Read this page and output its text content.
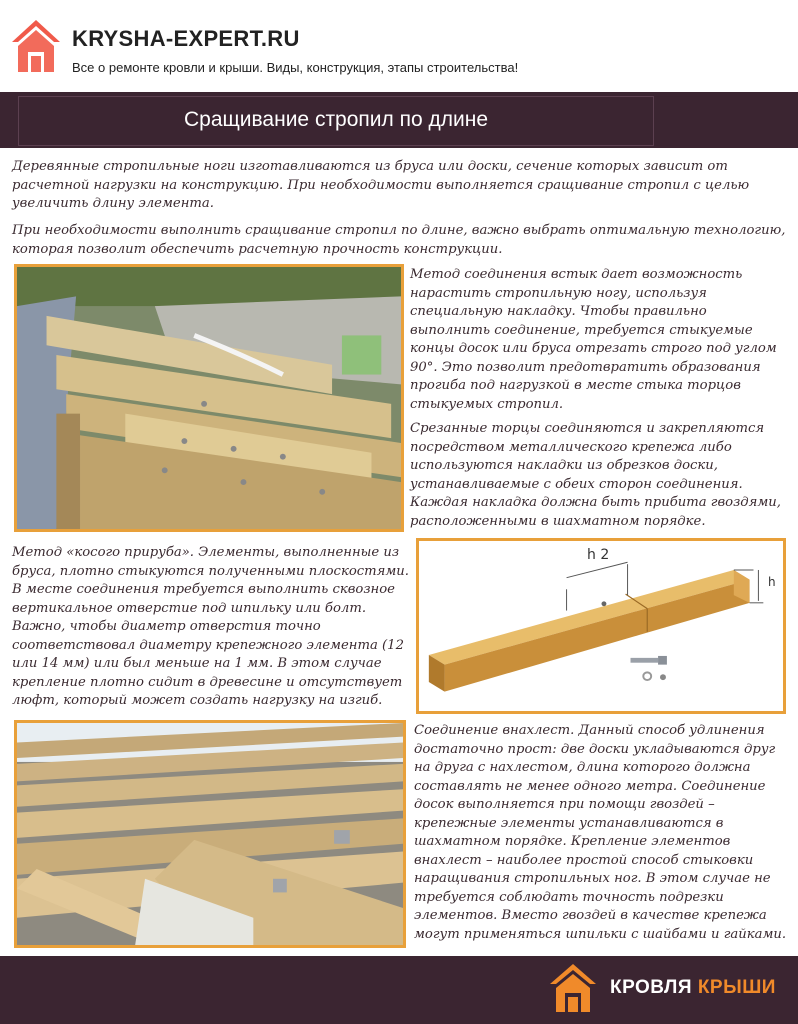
KRYSHA-EXPERT.RU
Все о ремонте кровли и крыши. Виды, конструкция, этапы строительства!
Сращивание стропил по длине
Деревянные стропильные ноги изготавливаются из бруса или доски, сечение которых зависит от расчетной нагрузки на конструкцию. При необходимости выполняется сращивание стропил с целью увеличить длину элемента.
При необходимости выполнить сращивание стропил по длине, важно выбрать оптимальную технологию, которая позволит обеспечить расчетную прочность конструкции.
Метод соединения встык дает возможность нарастить стропильную ногу, используя специальную накладку. Чтобы правильно выполнить соединение, требуется стыкуемые концы досок или бруса отрезать строго под углом 90°. Это позволит предотвратить образования прогиба под нагрузкой в месте стыка торцов стыкуемых стропил.
Срезанные торцы соединяются и закрепляются посредством металлического крепежа либо используются накладки из обрезков доски, устанавливаемые с обеих сторон соединения. Каждая накладка должна быть прибита гвоздями, расположенными в шахматном порядке.
Метод «косого прируба». Элементы, выполненные из бруса, плотно стыкуются полученными плоскостями. В месте соединения требуется выполнить сквозное вертикальное отверстие под шпильку или болт. Важно, чтобы диаметр отверстия точно соответствовал диаметру крепежного элемента (12 или 14 мм) или был меньше на 1 мм. В этом случае крепление плотно сидит в древесине и отсутствует люфт, который может создать нагрузку на изгиб.
h 2
h
Соединение внахлест. Данный способ удлинения достаточно прост: две доски укладываются друг на друга с нахлестом, длина которого должна составлять не менее одного метра. Соединение досок выполняется при помощи гвоздей – крепежные элементы устанавливаются в шахматном порядке. Крепление элементов внахлест – наиболее простой способ стыковки наращивания стропильных ног. В этом случае не требуется соблюдать точность подрезки элементов. Вместо гвоздей в качестве крепежа могут применяться шпильки с шайбами и гайками.
КРОВЛЯ КРЫШИ
